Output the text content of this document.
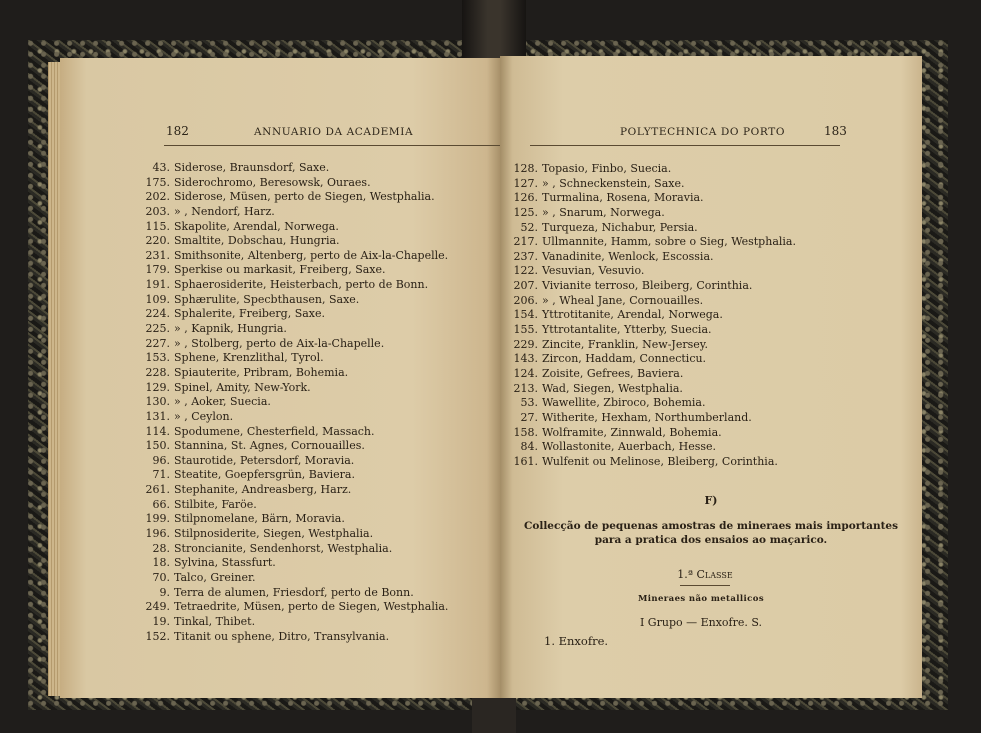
182	ANNUARIO DA ACADEMIA
43. Siderose, Braunsdorf, Saxe.
175. Siderochromo, Beresowsk, Ouraes.
202. Siderose, Müsen, perto de Siegen, Westphalia.
203. » , Nendorf, Harz.
115. Skapolite, Arendal, Norwega.
220. Smaltite, Dobschau, Hungria.
231. Smithsonite, Altenberg, perto de Aix-la-Chapelle.
179. Sperkise ou markasit, Freiberg, Saxe.
191. Sphaerosiderite, Heisterbach, perto de Bonn.
109. Sphærulite, Specbthausen, Saxe.
224. Sphalerite, Freiberg, Saxe.
225. » , Kapnik, Hungria.
227. » , Stolberg, perto de Aix-la-Chapelle.
153. Sphene, Krenzlithal, Tyrol.
228. Spiauterite, Pribram, Bohemia.
129. Spinel, Amity, New-York.
130. » , Aoker, Suecia.
131. » , Ceylon.
114. Spodumene, Chesterfield, Massach.
150. Stannina, St. Agnes, Cornouailles.
96. Staurotide, Petersdorf, Moravia.
71. Steatite, Goepfersgrün, Baviera.
261. Stephanite, Andreasberg, Harz.
66. Stilbite, Faröe.
199. Stilpnomelane, Bärn, Moravia.
196. Stilpnosiderite, Siegen, Westphalia.
28. Stroncianite, Sendenhorst, Westphalia.
18. Sylvina, Stassfurt.
70. Talco, Greiner.
9. Terra de alumen, Friesdorf, perto de Bonn.
249. Tetraedrite, Müsen, perto de Siegen, Westphalia.
19. Tinkal, Thibet.
152. Titanit ou sphene, Ditro, Transylvania.
POLYTECHNICA DO PORTO	183
128. Topasio, Finbo, Suecia.
127. » , Schneckenstein, Saxe.
126. Turmalina, Rosena, Moravia.
125. » , Snarum, Norwega.
52. Turqueza, Nichabur, Persia.
217. Ullmannite, Hamm, sobre o Sieg, Westphalia.
237. Vanadinite, Wenlock, Escossia.
122. Vesuvian, Vesuvio.
207. Vivianite terroso, Bleiberg, Corinthia.
206. » , Wheal Jane, Cornouailles.
154. Yttrotitanite, Arendal, Norwega.
155. Yttrotantalite, Ytterby, Suecia.
229. Zincite, Franklin, New-Jersey.
143. Zircon, Haddam, Connecticu.
124. Zoisite, Gefrees, Baviera.
213. Wad, Siegen, Westphalia.
53. Wawellite, Zbiroco, Bohemia.
27. Witherite, Hexham, Northumberland.
158. Wolframite, Zinnwald, Bohemia.
84. Wollastonite, Auerbach, Hesse.
161. Wulfenit ou Melinose, Bleiberg, Corinthia.
F)
Collecção de pequenas amostras de mineraes mais importantes
para a pratica dos ensaios ao maçarico.
1.ª Classe
Mineraes não metallicos
I Grupo — Enxofre. S.
1. Enxofre.
